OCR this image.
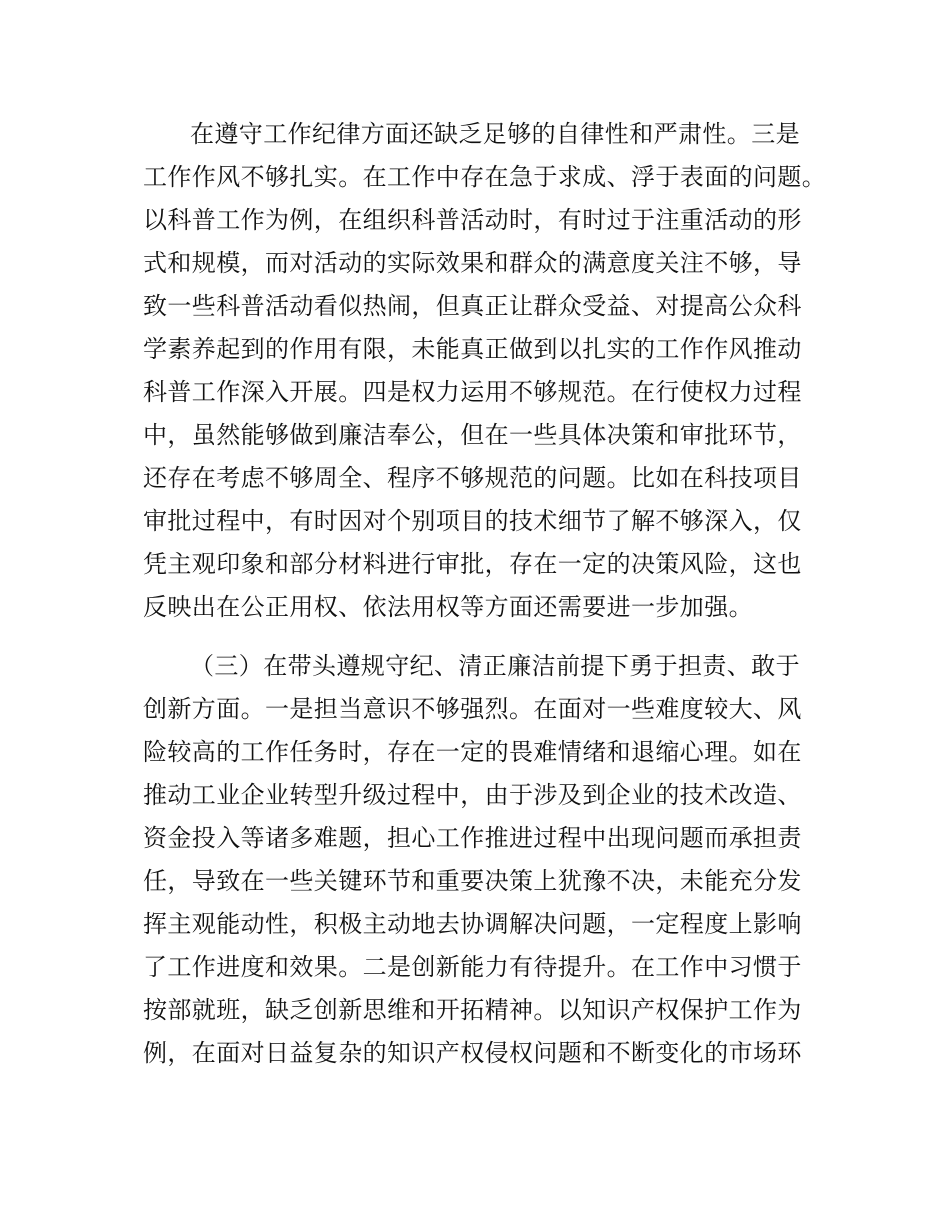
在遵守工作纪律方面还缺乏足够的自律性和严肃性。三是
工作作风不够扎实。在工作中存在急于求成、浮于表面的问题。
以科普工作为例，在组织科普活动时，有时过于注重活动的形
式和规模，而对活动的实际效果和群众的满意度关注不够，导
致一些科普活动看似热闹，但真正让群众受益、对提高公众科
学素养起到的作用有限，未能真正做到以扎实的工作作风推动
科普工作深入开展。四是权力运用不够规范。在行使权力过程
中，虽然能够做到廉洁奉公，但在一些具体决策和审批环节，
还存在考虑不够周全、程序不够规范的问题。比如在科技项目
审批过程中，有时因对个别项目的技术细节了解不够深入，仅
凭主观印象和部分材料进行审批，存在一定的决策风险，这也
反映出在公正用权、依法用权等方面还需要进一步加强。
（三）在带头遵规守纪、清正廉洁前提下勇于担责、敢于
创新方面。一是担当意识不够强烈。在面对一些难度较大、风
险较高的工作任务时，存在一定的畏难情绪和退缩心理。如在
推动工业企业转型升级过程中，由于涉及到企业的技术改造、
资金投入等诸多难题，担心工作推进过程中出现问题而承担责
任，导致在一些关键环节和重要决策上犹豫不决，未能充分发
挥主观能动性，积极主动地去协调解决问题，一定程度上影响
了工作进度和效果。二是创新能力有待提升。在工作中习惯于
按部就班，缺乏创新思维和开拓精神。以知识产权保护工作为
例，在面对日益复杂的知识产权侵权问题和不断变化的市场环
